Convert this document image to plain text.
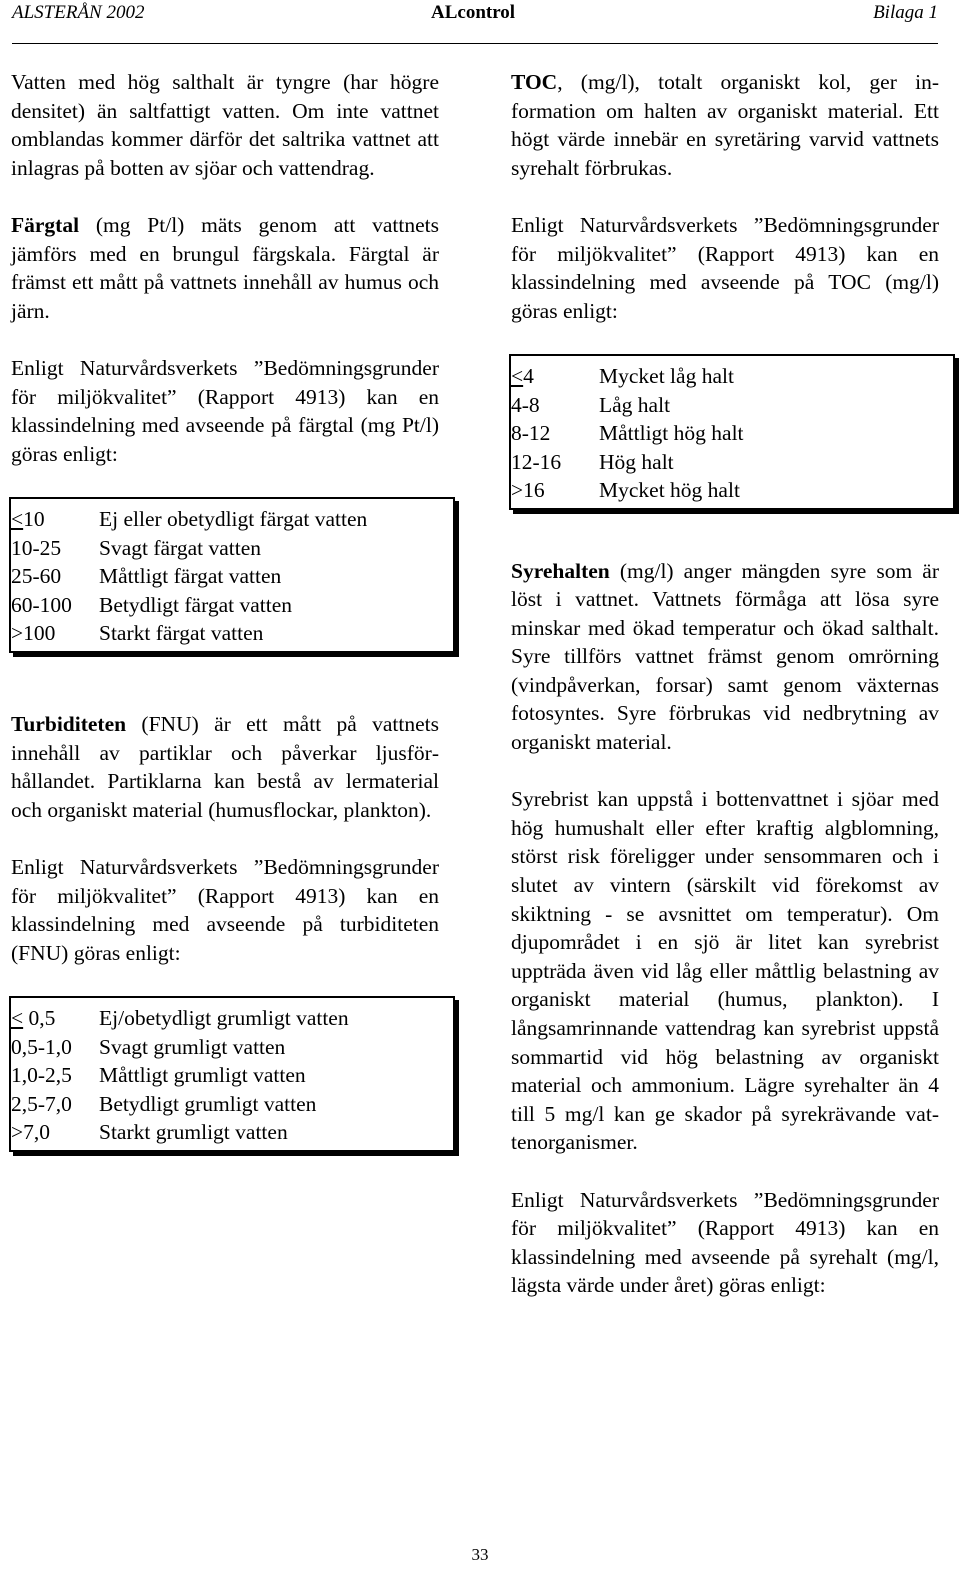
ALSTERÅN 2002	ALcontrol	Bilaga 1

Vatten med hög salthalt är tyngre (har högre densitet) än saltfattigt vatten. Om inte vattnet omblandas kommer därför det saltrika vattnet att inlagras på botten av sjöar och vattendrag.

Färgtal (mg Pt/l) mäts genom att vattnets jämförs med en brungul färgskala. Färgtal är främst ett mått på vattnets innehåll av humus och järn.

Enligt Naturvårdsverkets ”Bedömningsgrunder för miljökvalitet” (Rapport 4913) kan en klassindelning med avseende på färgtal (mg Pt/l) göras enligt:

<10	Ej eller obetydligt färgat vatten
10-25	Svagt färgat vatten
25-60	Måttligt färgat vatten
60-100	Betydligt färgat vatten
>100	Starkt färgat vatten

Turbiditeten (FNU) är ett mått på vattnets innehåll av partiklar och påverkar ljusförhållandet. Partiklarna kan bestå av lermaterial och organiskt material (humusflockar, plankton).

Enligt Naturvårdsverkets ”Bedömningsgrunder för miljökvalitet” (Rapport 4913) kan en klassindelning med avseende på turbiditeten (FNU) göras enligt:

< 0,5	Ej/obetydligt grumligt vatten
0,5-1,0	Svagt grumligt vatten
1,0-2,5	Måttligt grumligt vatten
2,5-7,0	Betydligt grumligt vatten
>7,0	Starkt grumligt vatten

TOC, (mg/l), totalt organiskt kol, ger information om halten av organiskt material. Ett högt värde innebär en syretäring varvid vattnets syrehalt förbrukas.

Enligt Naturvårdsverkets ”Bedömningsgrunder för miljökvalitet” (Rapport 4913) kan en klassindelning med avseende på TOC (mg/l) göras enligt:

<4	Mycket låg halt
4-8	Låg halt
8-12	Måttligt hög halt
12-16	Hög halt
>16	Mycket hög halt

Syrehalten (mg/l) anger mängden syre som är löst i vattnet. Vattnets förmåga att lösa syre minskar med ökad temperatur och ökad salthalt. Syre tillförs vattnet främst genom omrörning (vindpåverkan, forsar) samt genom växternas fotosyntes. Syre förbrukas vid nedbrytning av organiskt material.

Syrebrist kan uppstå i bottenvattnet i sjöar med hög humushalt eller efter kraftig algblomning, störst risk föreligger under sensommaren och i slutet av vintern (särskilt vid förekomst av skiktning - se avsnittet om temperatur). Om djupområdet i en sjö är litet kan syrebrist uppträda även vid låg eller måttlig belastning av organiskt material (humus, plankton). I långsamrinnande vattendrag kan syrebrist uppstå sommartid vid hög belastning av organiskt material och ammonium. Lägre syrehalter än 4 till 5 mg/l kan ge skador på syrekrävande vattenorganismer.

Enligt Naturvårdsverkets ”Bedömningsgrunder för miljökvalitet” (Rapport 4913) kan en klassindelning med avseende på syrehalt (mg/l, lägsta värde under året) göras enligt:

33
